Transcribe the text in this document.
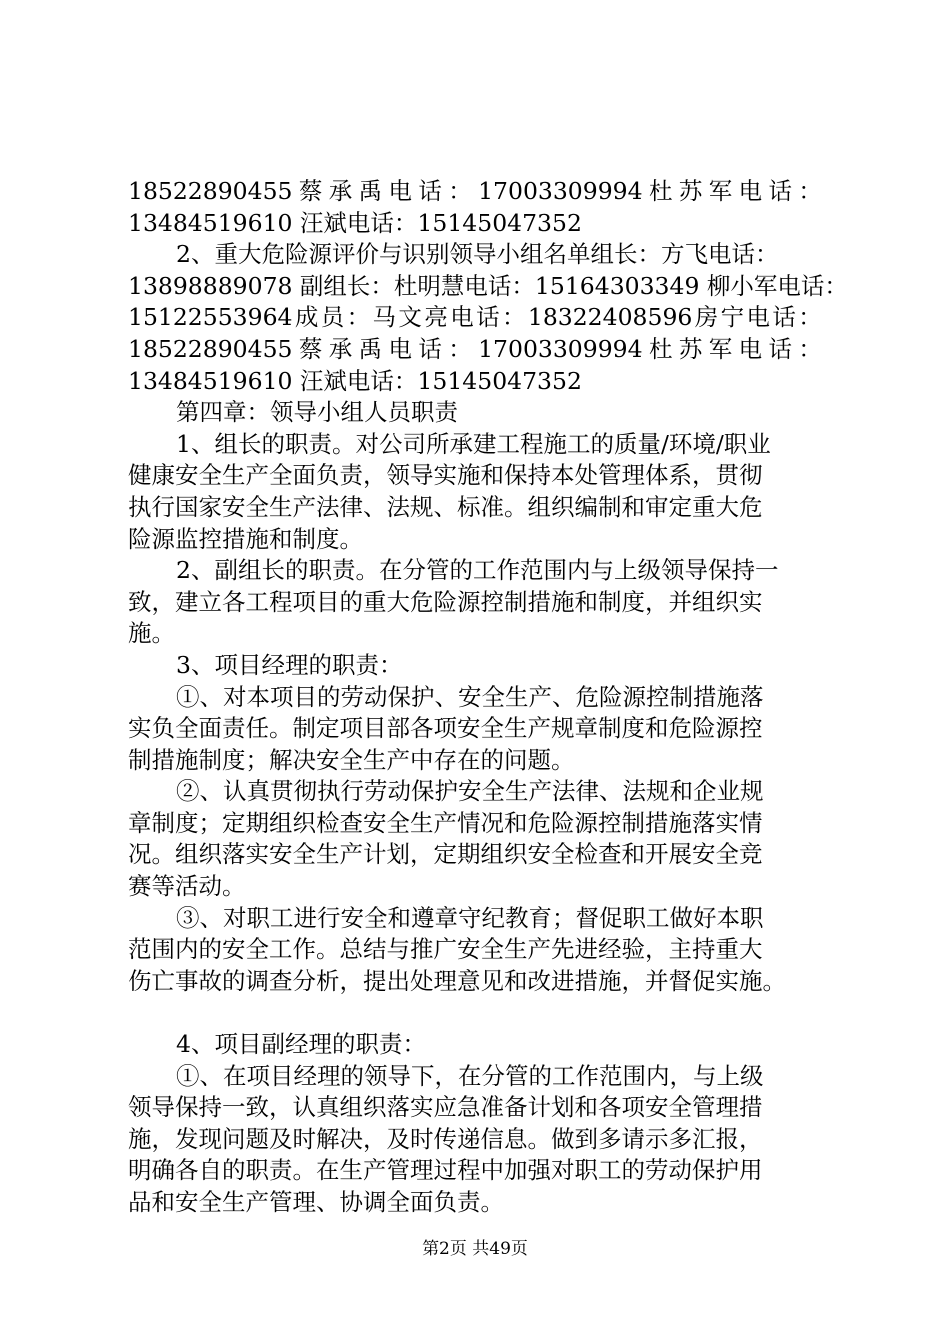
18522890455 蔡 承 禹 电 话 ： 17003309994 杜 苏 军 电 话 ：
13484519610 汪斌电话：15145047352
2、重大危险源评价与识别领导小组名单组长：方飞电话：
13898889078 副组长：杜明慧电话：15164303349 柳小军电话：
15122553964 成 员 ： 马 文 亮 电 话 ： 18322408596 房 宁 电 话 ：
18522890455 蔡 承 禹 电 话 ： 17003309994 杜 苏 军 电 话 ：
13484519610 汪斌电话：15145047352
第四章：领导小组人员职责
1、组长的职责。对公司所承建工程施工的质量/环境/职业
健康安全生产全面负责，领导实施和保持本处管理体系，贯彻
执行国家安全生产法律、法规、标准。组织编制和审定重大危
险源监控措施和制度。
2、副组长的职责。在分管的工作范围内与上级领导保持一
致，建立各工程项目的重大危险源控制措施和制度，并组织实
施。
3、项目经理的职责：
①、对本项目的劳动保护、安全生产、危险源控制措施落
实负全面责任。制定项目部各项安全生产规章制度和危险源控
制措施制度；解决安全生产中存在的问题。
②、认真贯彻执行劳动保护安全生产法律、法规和企业规
章制度；定期组织检查安全生产情况和危险源控制措施落实情
况。组织落实安全生产计划，定期组织安全检查和开展安全竞
赛等活动。
③、对职工进行安全和遵章守纪教育；督促职工做好本职
范围内的安全工作。总结与推广安全生产先进经验，主持重大
伤亡事故的调查分析，提出处理意见和改进措施，并督促实施。
4、项目副经理的职责：
①、在项目经理的领导下，在分管的工作范围内，与上级
领导保持一致，认真组织落实应急准备计划和各项安全管理措
施，发现问题及时解决，及时传递信息。做到多请示多汇报，
明确各自的职责。在生产管理过程中加强对职工的劳动保护用
品和安全生产管理、协调全面负责。
第2页 共49页
